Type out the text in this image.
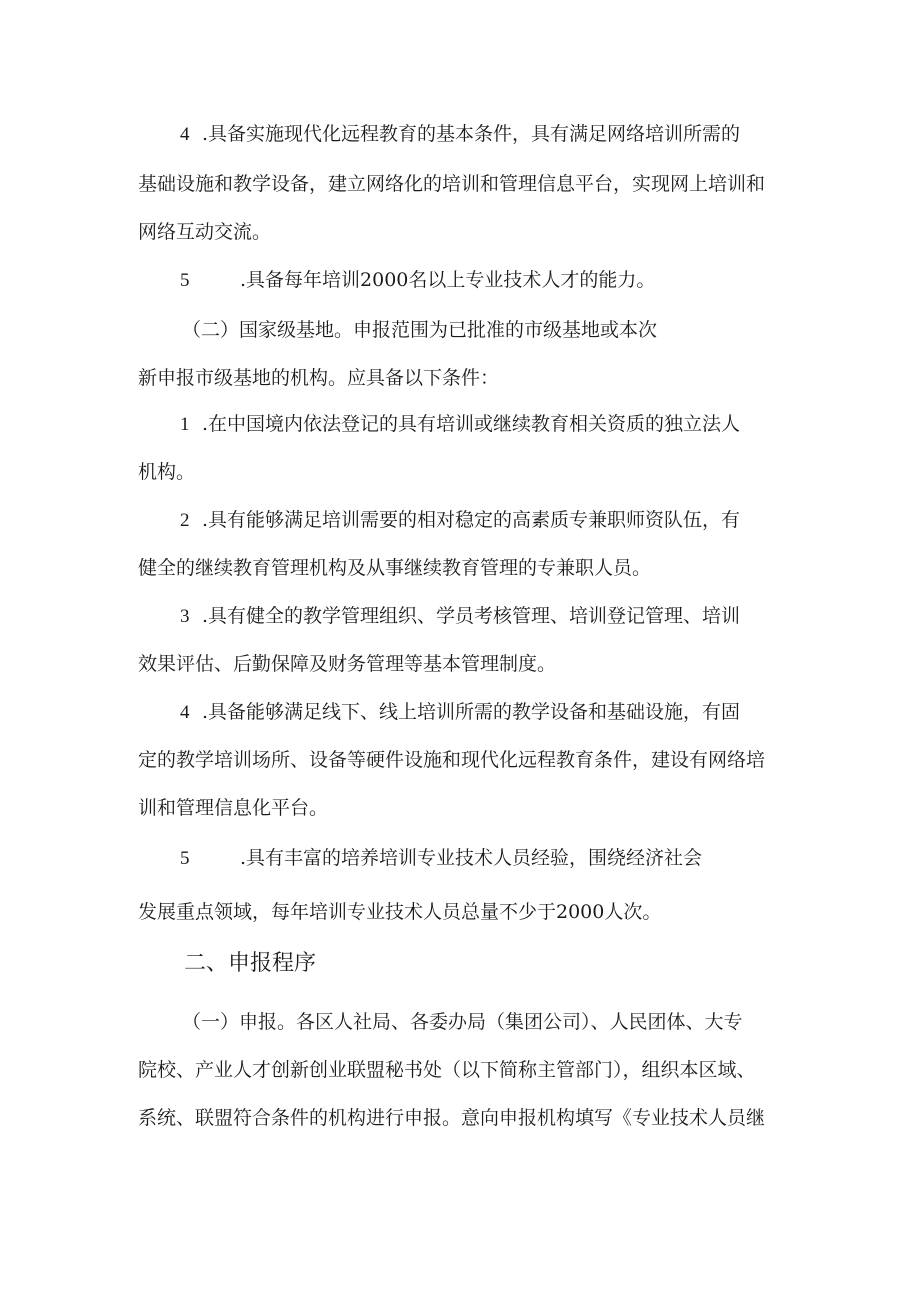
4 .具备实施现代化远程教育的基本条件，具有满足网络培训所需的
基础设施和教学设备，建立网络化的培训和管理信息平台，实现网上培训和
网络互动交流。
5	.具备每年培训2000名以上专业技术人才的能力。
（二）国家级基地。申报范围为已批准的市级基地或本次
新申报市级基地的机构。应具备以下条件：
1 .在中国境内依法登记的具有培训或继续教育相关资质的独立法人
机构。
2 .具有能够满足培训需要的相对稳定的高素质专兼职师资队伍，有
健全的继续教育管理机构及从事继续教育管理的专兼职人员。
3 .具有健全的教学管理组织、学员考核管理、培训登记管理、培训
效果评估、后勤保障及财务管理等基本管理制度。
4 .具备能够满足线下、线上培训所需的教学设备和基础设施，有固
定的教学培训场所、设备等硬件设施和现代化远程教育条件，建设有网络培
训和管理信息化平台。
5	.具有丰富的培养培训专业技术人员经验，围绕经济社会
发展重点领域，每年培训专业技术人员总量不少于2000人次。
二、申报程序
（一）申报。各区人社局、各委办局（集团公司）、人民团体、大专
院校、产业人才创新创业联盟秘书处（以下简称主管部门），组织本区域、
系统、联盟符合条件的机构进行申报。意向申报机构填写《专业技术人员继
